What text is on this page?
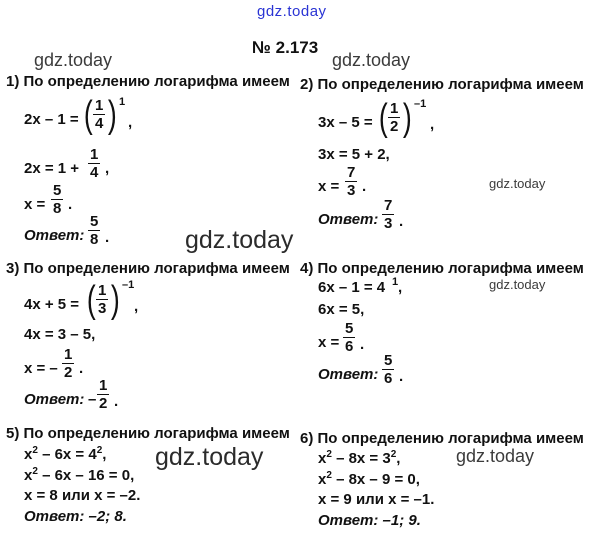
gdz.today
gdz.today	gdz.today
gdz.today
gdz.today
gdz.today
gdz.today	gdz.today
№ 2.173
1) По определению логарифма имеем
2x – 1 = ( $\frac{1}{4}$ ) 1
,
$2x = 1 + \frac{1}{4}$ ,
$x = \frac{5}{8}$ .
Ответ: $\frac{5}{8}$ .
2) По определению логарифма имеем
3x – 5 = ( $\frac{1}{2}$ ) –1
,
3x = 5 + 2,
$x = \frac{7}{3}$ .
Ответ: $\frac{7}{3}$ .
3) По определению логарифма имеем
4x + 5 = ( $\frac{1}{3}$ ) –1
,
4x = 3 – 5,
x = – $\frac{1}{2}$ .
Ответ: – $\frac{1}{2}$ .
4) По определению логарифма имеем
6x – 1 = 4 1 ,
6x = 5,
$x = \frac{5}{6}$ .
Ответ: $\frac{5}{6}$ .
5) По определению логарифма имеем
$x^2 - 6x = 4^2$,
$x^2 - 6x - 16 = 0$,
x = 8 или x = –2.
Ответ: –2; 8.
6) По определению логарифма имеем
$x^2 - 8x = 3^2$,
$x^2 - 8x - 9 = 0$,
x = 9 или x = –1.
Ответ: –1; 9.
